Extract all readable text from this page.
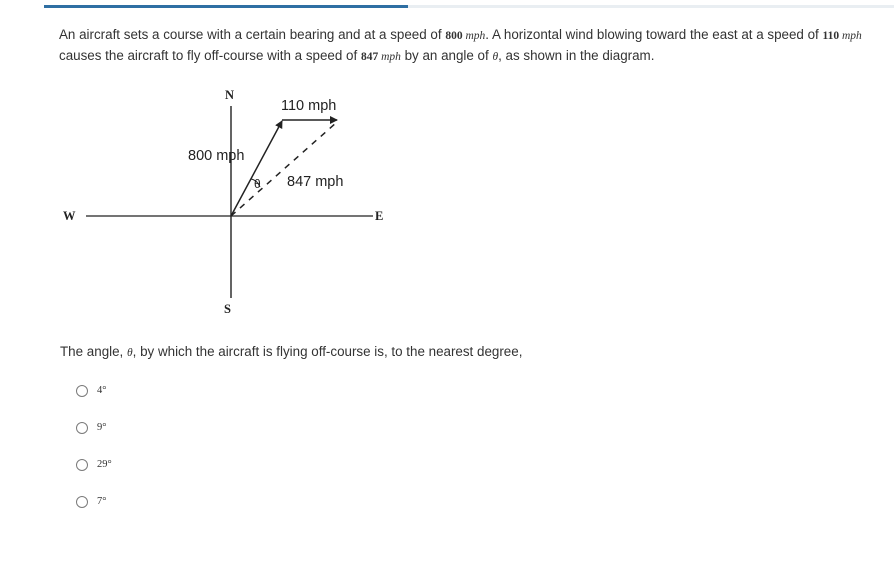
An aircraft sets a course with a certain bearing and at a speed of 800 mph. A horizontal wind blowing toward the east at a speed of 110 mph causes the aircraft to fly off-course with a speed of 847 mph by an angle of θ, as shown in the diagram.
N
S
E
W
110 mph
800 mph
847 mph
θ
The angle, θ, by which the aircraft is flying off-course is, to the nearest degree,
4°
9°
29°
7°
